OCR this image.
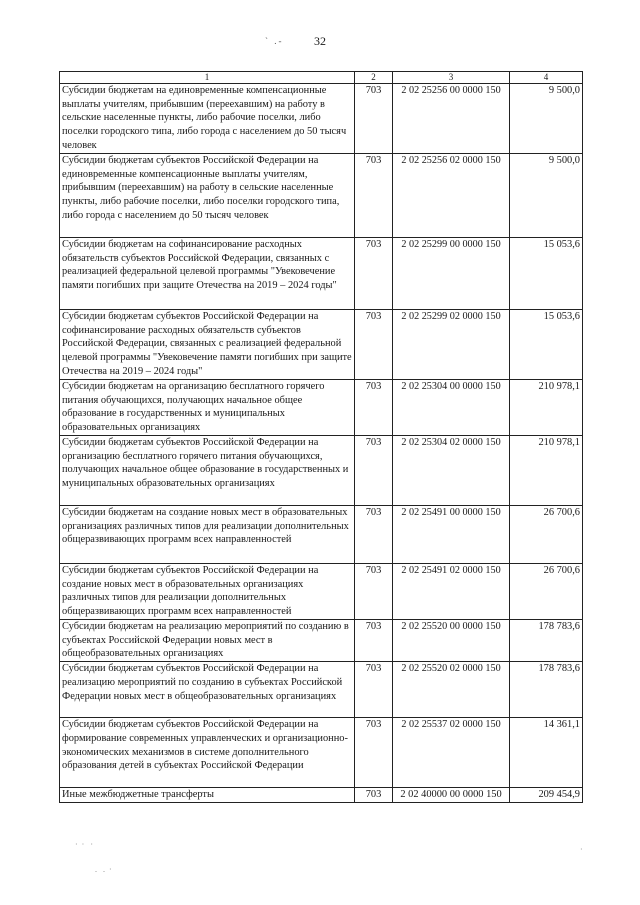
32
` .-
1	2	3	4
Субсидии бюджетам на единовременные компенсационные выплаты учителям, прибывшим (переехавшим) на работу в сельские населенные пункты, либо рабочие поселки, либо поселки городского типа, либо города с населением до 50 тысяч человек	703	2 02 25256 00 0000 150	9 500,0
Субсидии бюджетам субъектов Российской Федерации на единовременные компенсационные выплаты учителям, прибывшим (переехавшим) на работу в сельские населенные пункты, либо рабочие поселки, либо поселки городского типа, либо города с населением до 50 тысяч человек	703	2 02 25256 02 0000 150	9 500,0
Субсидии бюджетам на софинансирование расходных обязательств субъектов Российской Федерации, связанных с реализацией федеральной целевой программы "Увековечение памяти погибших при защите Отечества на 2019 – 2024 годы"	703	2 02 25299 00 0000 150	15 053,6
Субсидии бюджетам субъектов Российской Федерации на софинансирование расходных обязательств субъектов Российской Федерации, связанных с реализацией федеральной целевой программы "Увековечение памяти погибших при защите Отечества на 2019 – 2024 годы"	703	2 02 25299 02 0000 150	15 053,6
Субсидии бюджетам на организацию бесплатного горячего питания обучающихся, получающих начальное общее образование в государственных и муниципальных образовательных организациях	703	2 02 25304 00 0000 150	210 978,1
Субсидии бюджетам субъектов Российской Федерации на организацию бесплатного горячего питания обучающихся, получающих начальное общее образование в государственных и муниципальных образовательных организациях	703	2 02 25304 02 0000 150	210 978,1
Субсидии бюджетам на создание новых мест в образовательных организациях различных типов для реализации дополнительных общеразвивающих программ всех направленностей	703	2 02 25491 00 0000 150	26 700,6
Субсидии бюджетам субъектов Российской Федерации на создание новых мест в образовательных организациях различных типов для реализации дополнительных общеразвивающих программ всех направленностей	703	2 02 25491 02 0000 150	26 700,6
Субсидии бюджетам на реализацию мероприятий по созданию в субъектах Российской Федерации новых мест в общеобразовательных организациях	703	2 02 25520 00 0000 150	178 783,6
Субсидии бюджетам субъектов Российской Федерации на реализацию мероприятий по созданию в субъектах Российской Федерации новых мест в общеобразовательных организациях	703	2 02 25520 02 0000 150	178 783,6
Субсидии бюджетам субъектов Российской Федерации на формирование современных управленческих и организационно-экономических механизмов в системе дополнительного образования детей в субъектах Российской Федерации	703	2 02 25537 02 0000 150	14 361,1
Иные межбюджетные трансферты	703	2 02 40000 00 0000 150	209 454,9
·  ·   ·
.   .  ·
·
